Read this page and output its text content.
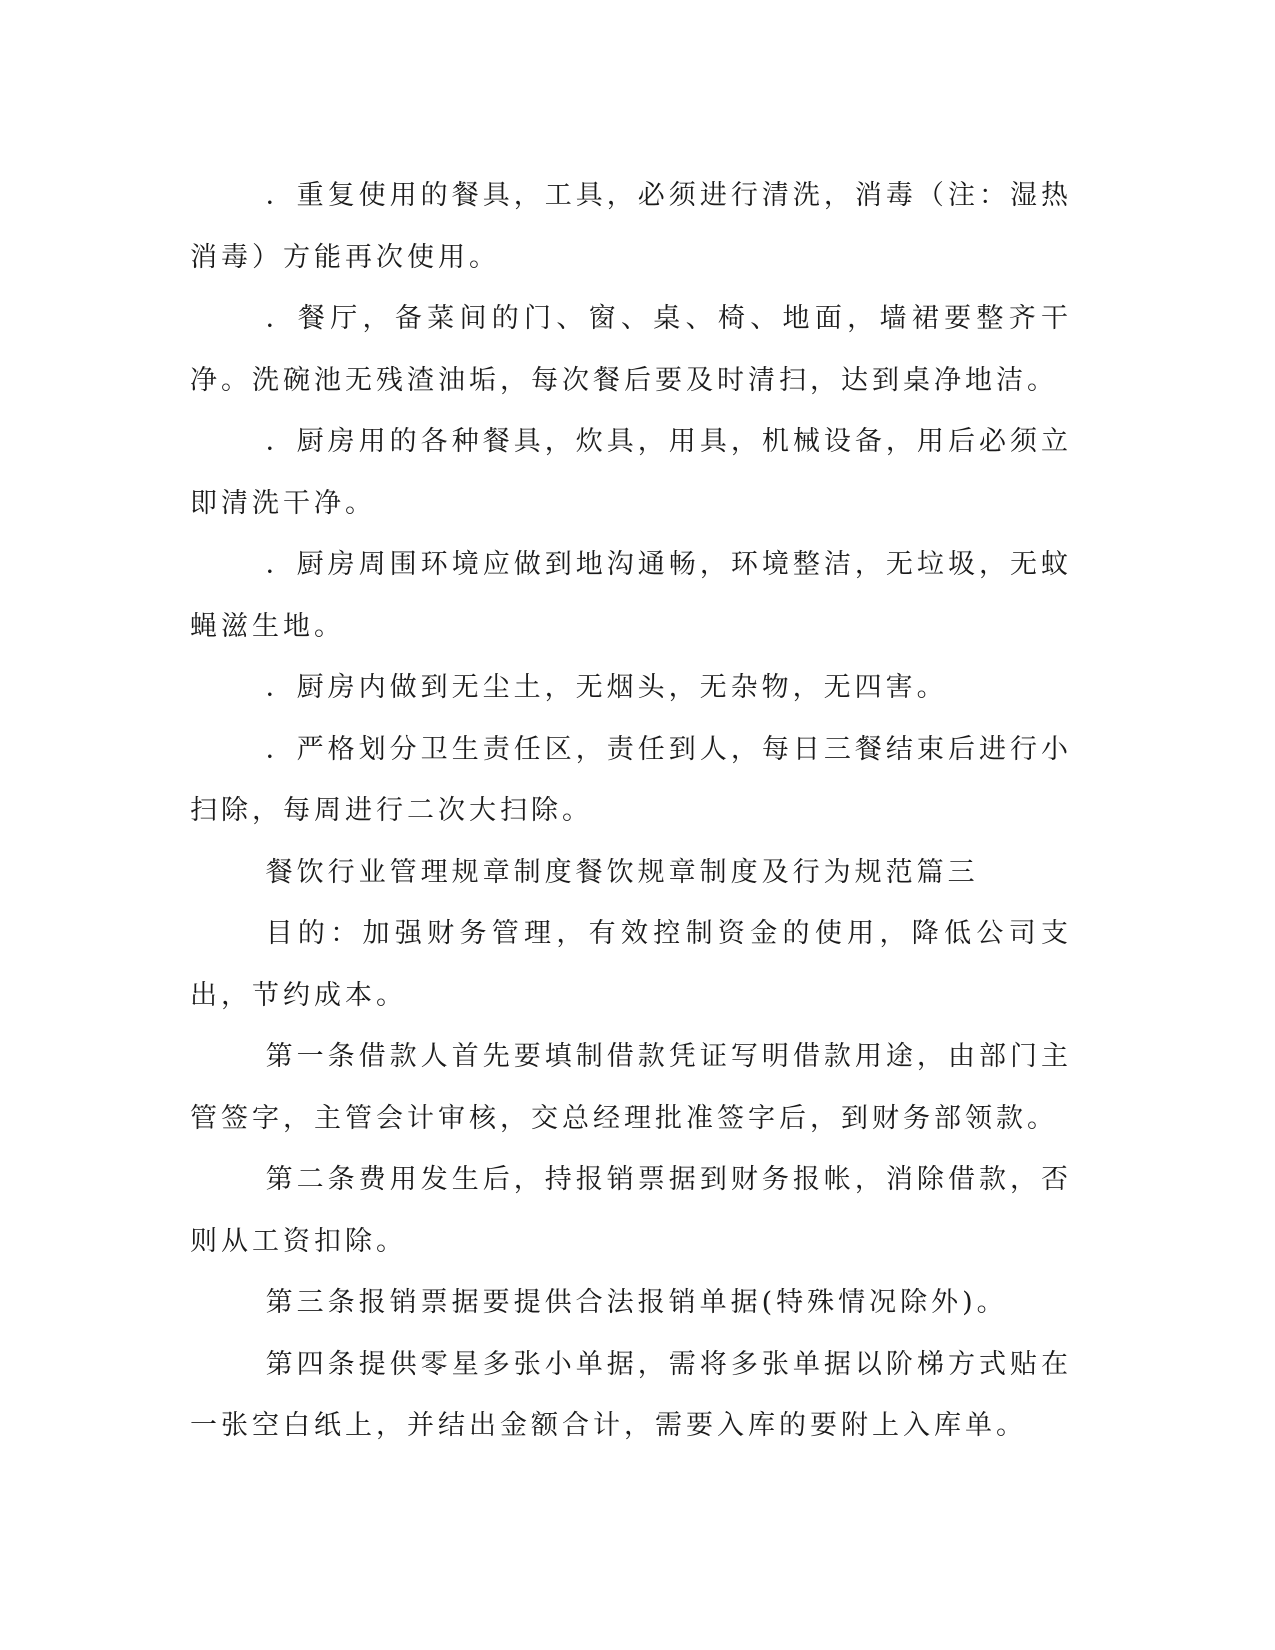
．重复使用的餐具，工具，必须进行清洗，消毒（注：湿热消毒）方能再次使用。

．餐厅，备菜间的门、窗、桌、椅、地面，墙裙要整齐干净。洗碗池无残渣油垢，每次餐后要及时清扫，达到桌净地洁。

．厨房用的各种餐具，炊具，用具，机械设备，用后必须立即清洗干净。

．厨房周围环境应做到地沟通畅，环境整洁，无垃圾，无蚊蝇滋生地。

．厨房内做到无尘土，无烟头，无杂物，无四害。

．严格划分卫生责任区，责任到人，每日三餐结束后进行小扫除，每周进行二次大扫除。

餐饮行业管理规章制度餐饮规章制度及行为规范篇三

目的：加强财务管理，有效控制资金的使用，降低公司支出，节约成本。

第一条借款人首先要填制借款凭证写明借款用途，由部门主管签字，主管会计审核，交总经理批准签字后，到财务部领款。

第二条费用发生后，持报销票据到财务报帐，消除借款，否则从工资扣除。

第三条报销票据要提供合法报销单据(特殊情况除外)。

第四条提供零星多张小单据，需将多张单据以阶梯方式贴在一张空白纸上，并结出金额合计，需要入库的要附上入库单。
